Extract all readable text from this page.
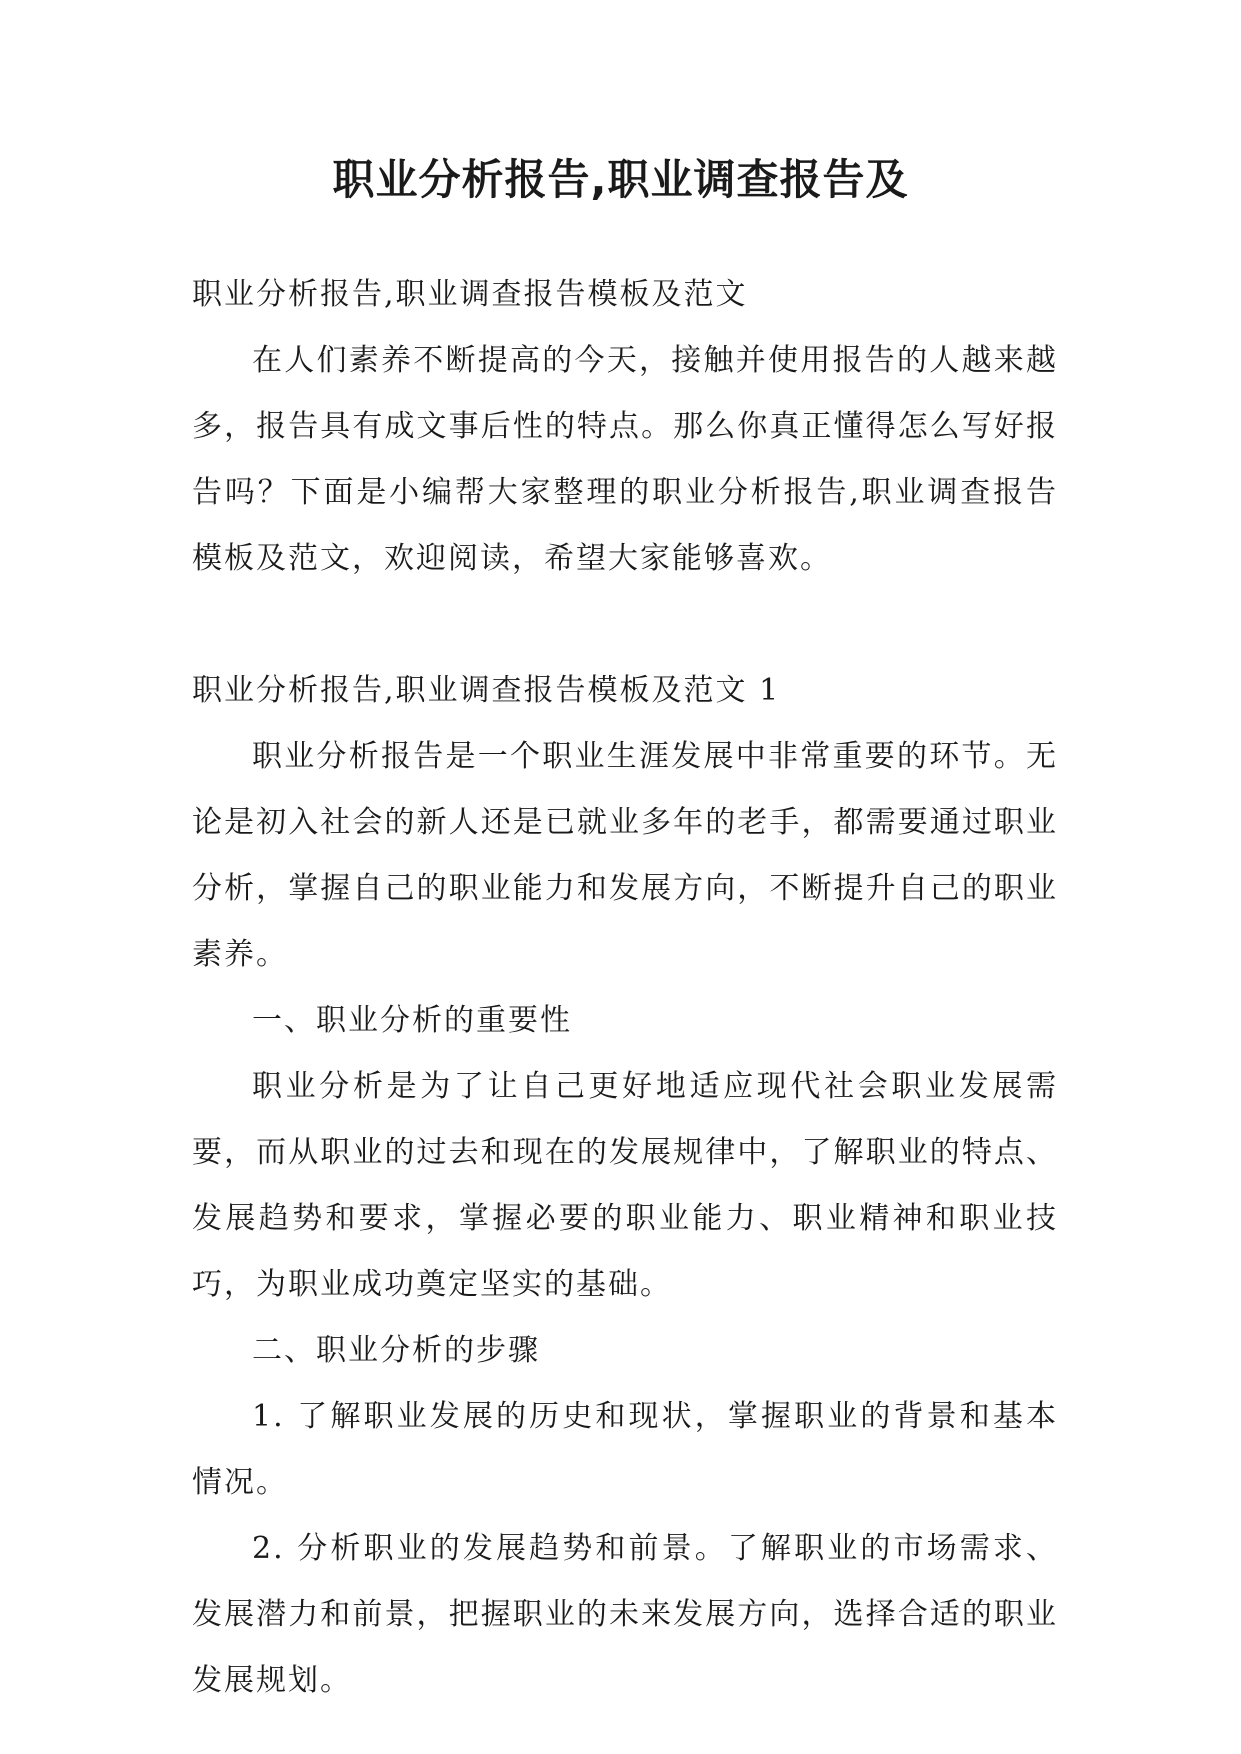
职业分析报告,职业调查报告及

职业分析报告,职业调查报告模板及范文

在人们素养不断提高的今天，接触并使用报告的人越来越多，报告具有成文事后性的特点。那么你真正懂得怎么写好报告吗？下面是小编帮大家整理的职业分析报告,职业调查报告模板及范文，欢迎阅读，希望大家能够喜欢。

职业分析报告,职业调查报告模板及范文 1

职业分析报告是一个职业生涯发展中非常重要的环节。无论是初入社会的新人还是已就业多年的老手，都需要通过职业分析，掌握自己的职业能力和发展方向，不断提升自己的职业素养。

一、职业分析的重要性

职业分析是为了让自己更好地适应现代社会职业发展需要，而从职业的过去和现在的发展规律中，了解职业的特点、发展趋势和要求，掌握必要的职业能力、职业精神和职业技巧，为职业成功奠定坚实的基础。

二、职业分析的步骤

1. 了解职业发展的历史和现状，掌握职业的背景和基本情况。

2. 分析职业的发展趋势和前景。了解职业的市场需求、发展潜力和前景，把握职业的未来发展方向，选择合适的职业发展规划。
